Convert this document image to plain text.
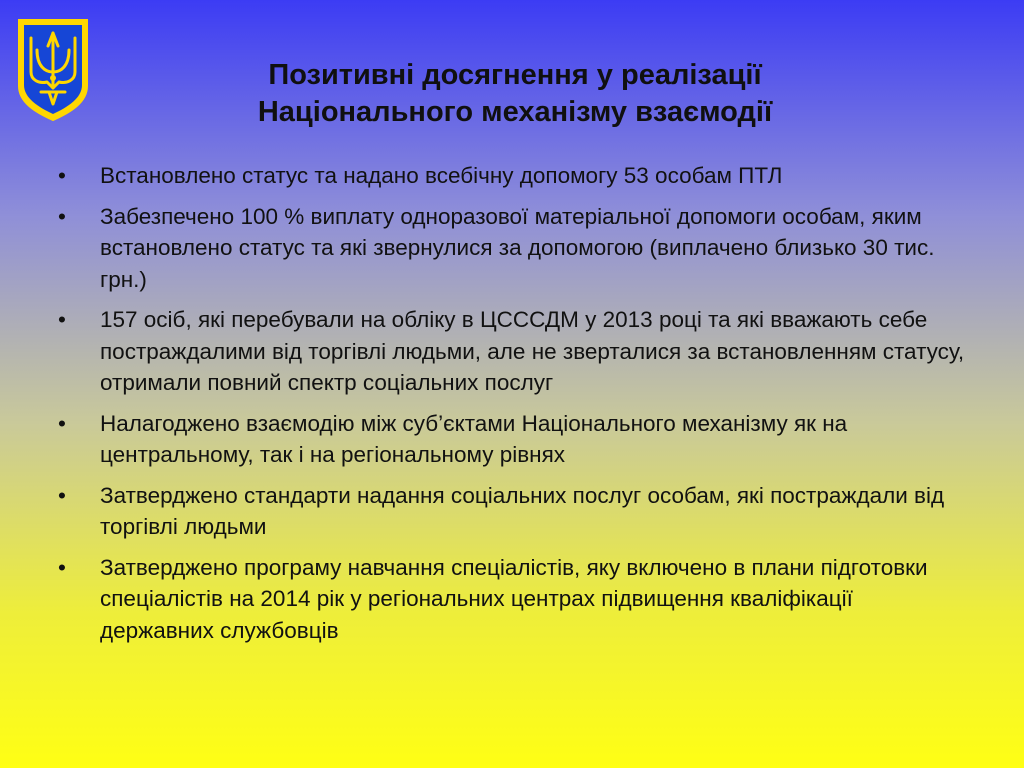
Позитивні досягнення у реалізації
Національного механізму взаємодії
• Встановлено статус та надано всебічну допомогу 53 особам ПТЛ
• Забезпечено 100 % виплату одноразової матеріальної допомоги особам, яким встановлено статус та які звернулися за допомогою (виплачено близько 30 тис. грн.)
• 157 осіб, які перебували на обліку в ЦСССДМ у 2013 році та які вважають себе постраждалими від торгівлі людьми, але не зверталися за встановленням статусу, отримали повний спектр соціальних послуг
• Налагоджено взаємодію між суб’єктами Національного механізму як на центральному, так і на регіональному рівнях
• Затверджено стандарти надання соціальних послуг особам, які постраждали від торгівлі людьми
• Затверджено програму навчання спеціалістів, яку включено в плани підготовки спеціалістів на 2014 рік у регіональних центрах підвищення кваліфікації державних службовців
